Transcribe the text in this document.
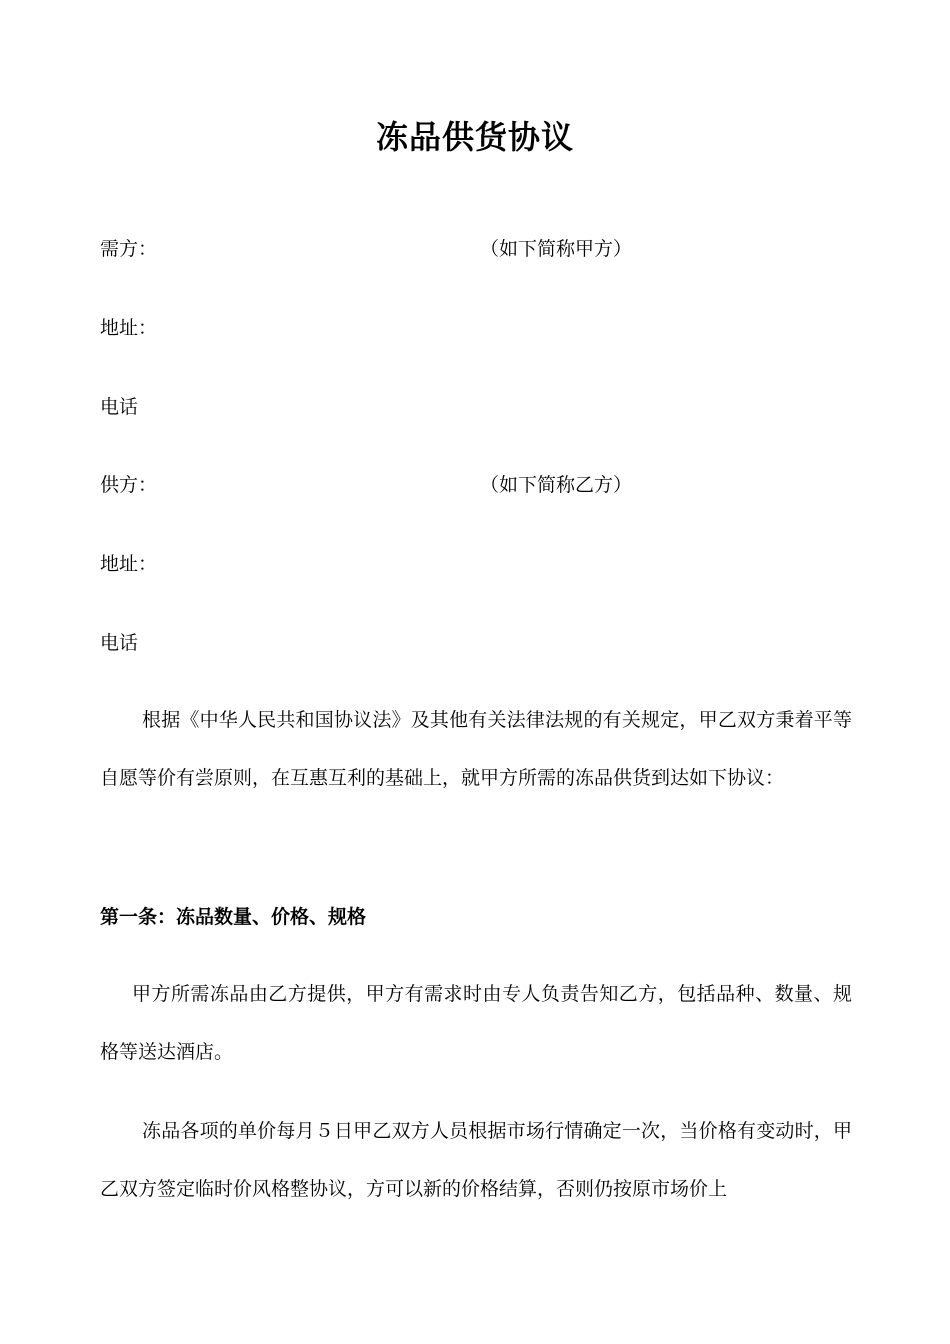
冻品供货协议
需方：	（如下简称甲方）
地址：
电话
供方：	（如下简称乙方）
地址：
电话
根据《中华人民共和国协议法》及其他有关法律法规的有关规定，甲乙双方秉着平等自愿等价有尝原则，在互惠互利的基础上，就甲方所需的冻品供货到达如下协议：
第一条：冻品数量、价格、规格
甲方所需冻品由乙方提供，甲方有需求时由专人负责告知乙方，包括品种、数量、规格等送达酒店。
冻品各项的单价每月５日甲乙双方人员根据市场行情确定一次，当价格有变动时，甲乙双方签定临时价风格整协议，方可以新的价格结算，否则仍按原市场价上
